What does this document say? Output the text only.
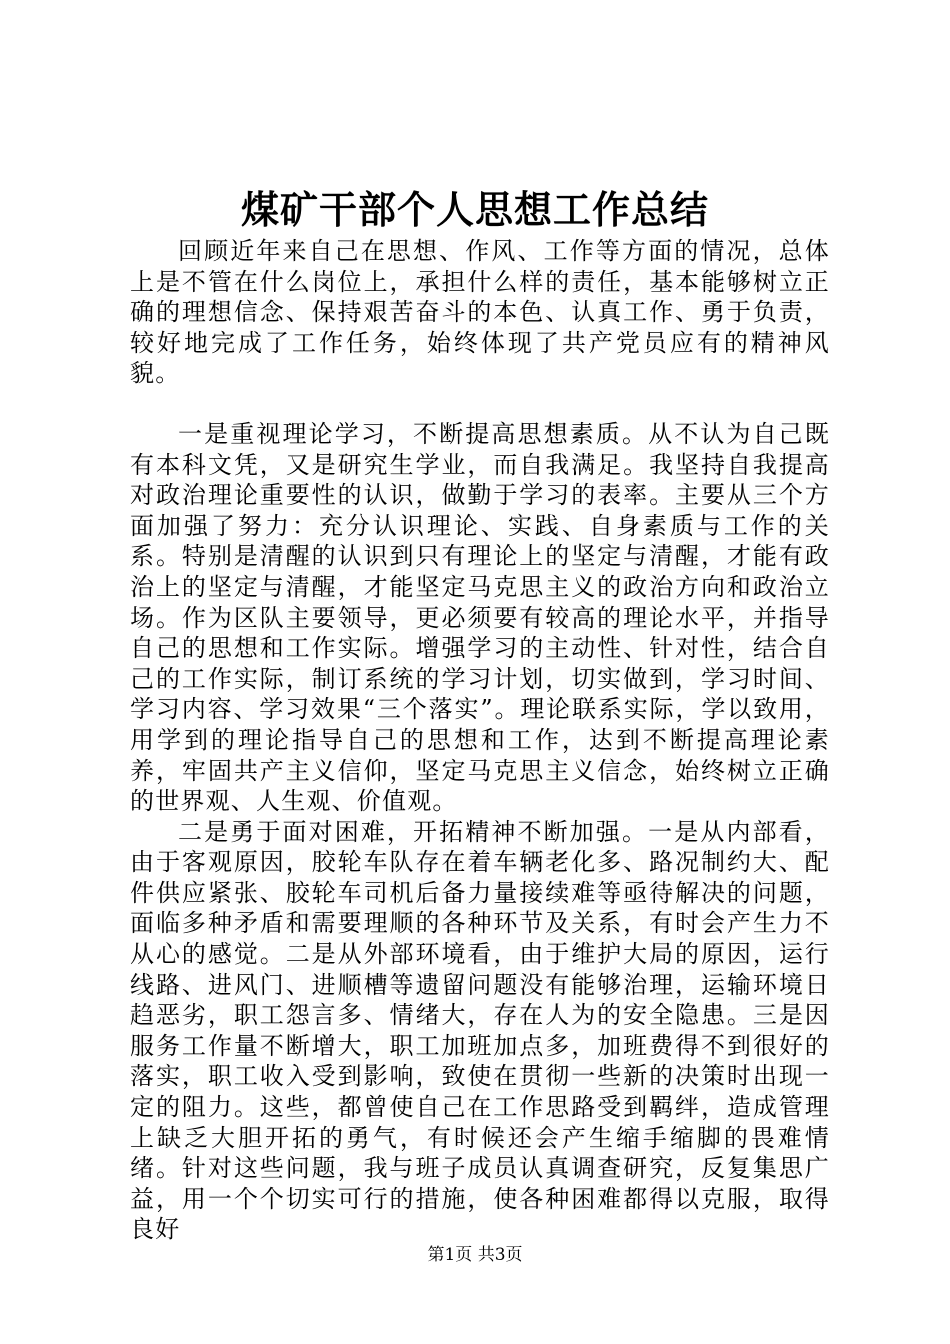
煤矿干部个人思想工作总结

回顾近年来自己在思想、作风、工作等方面的情况，总体上是不管在什么岗位上，承担什么样的责任，基本能够树立正确的理想信念、保持艰苦奋斗的本色、认真工作、勇于负责，较好地完成了工作任务，始终体现了共产党员应有的精神风貌。

一是重视理论学习，不断提高思想素质。从不认为自己既有本科文凭，又是研究生学业，而自我满足。我坚持自我提高对政治理论重要性的认识，做勤于学习的表率。主要从三个方面加强了努力：充分认识理论、实践、自身素质与工作的关系。特别是清醒的认识到只有理论上的坚定与清醒，才能有政治上的坚定与清醒，才能坚定马克思主义的政治方向和政治立场。作为区队主要领导，更必须要有较高的理论水平，并指导自己的思想和工作实际。增强学习的主动性、针对性，结合自己的工作实际，制订系统的学习计划，切实做到，学习时间、学习内容、学习效果“三个落实”。理论联系实际，学以致用，用学到的理论指导自己的思想和工作，达到不断提高理论素养，牢固共产主义信仰，坚定马克思主义信念，始终树立正确的世界观、人生观、价值观。

二是勇于面对困难，开拓精神不断加强。一是从内部看，由于客观原因，胶轮车队存在着车辆老化多、路况制约大、配件供应紧张、胶轮车司机后备力量接续难等亟待解决的问题，面临多种矛盾和需要理顺的各种环节及关系，有时会产生力不从心的感觉。二是从外部环境看，由于维护大局的原因，运行线路、进风门、进顺槽等遗留问题没有能够治理，运输环境日趋恶劣，职工怨言多、情绪大，存在人为的安全隐患。三是因服务工作量不断增大，职工加班加点多，加班费得不到很好的落实，职工收入受到影响，致使在贯彻一些新的决策时出现一定的阻力。这些，都曾使自己在工作思路受到羁绊，造成管理上缺乏大胆开拓的勇气，有时候还会产生缩手缩脚的畏难情绪。针对这些问题，我与班子成员认真调查研究，反复集思广益，用一个个切实可行的措施，使各种困难都得以克服，取得良好

第1页 共3页
